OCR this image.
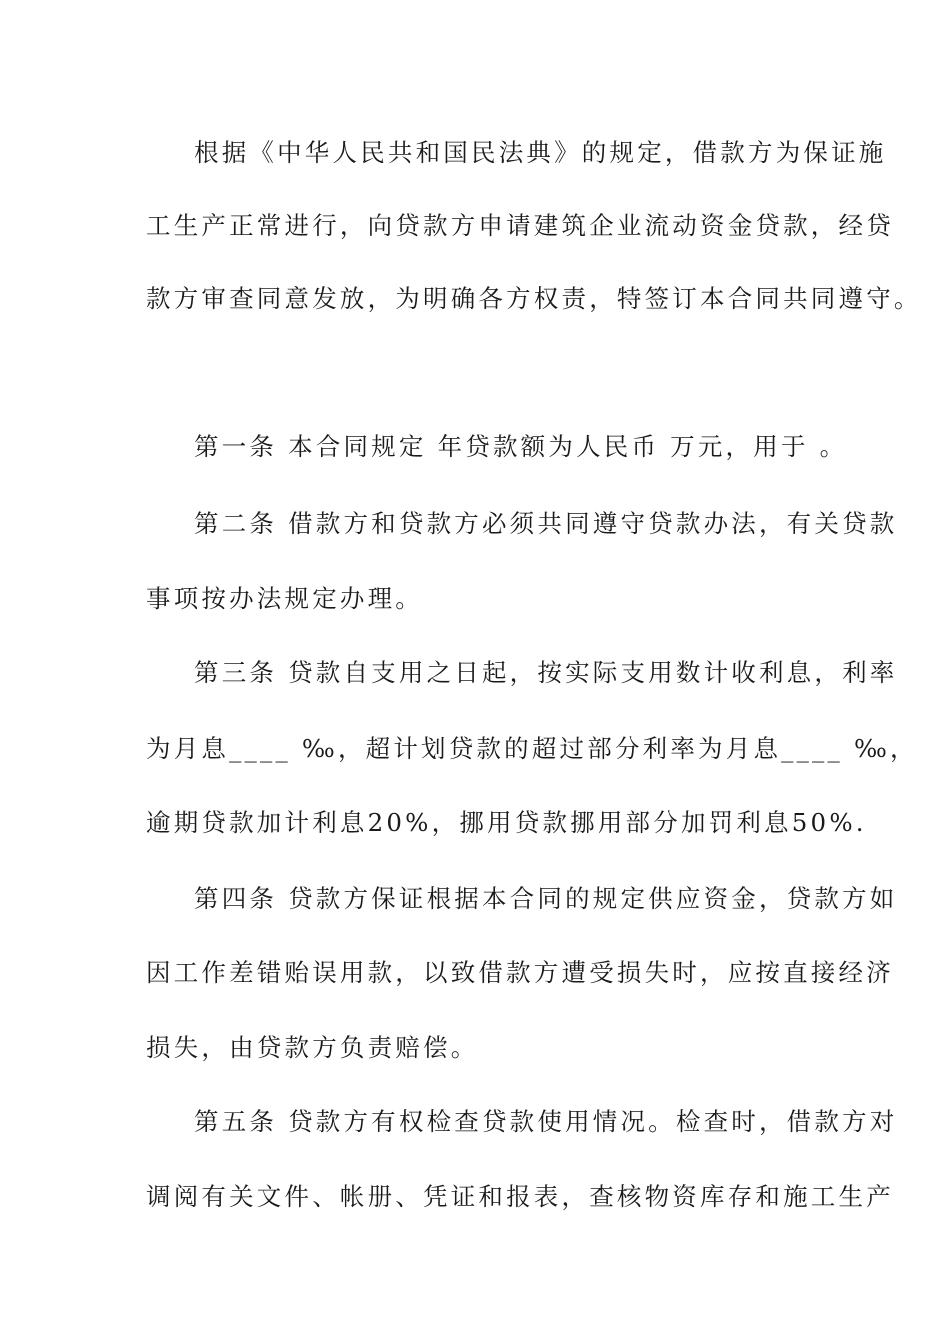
根据《中华人民共和国民法典》的规定，借款方为保证施
工生产正常进行，向贷款方申请建筑企业流动资金贷款，经贷
款方审查同意发放，为明确各方权责，特签订本合同共同遵守。
第一条 本合同规定 年贷款额为人民币 万元，用于 。
第二条 借款方和贷款方必须共同遵守贷款办法，有关贷款
事项按办法规定办理。
第三条 贷款自支用之日起，按实际支用数计收利息，利率
为月息____ ‰，超计划贷款的超过部分利率为月息____ ‰，
逾期贷款加计利息20%，挪用贷款挪用部分加罚利息50%.
第四条 贷款方保证根据本合同的规定供应资金，贷款方如
因工作差错贻误用款，以致借款方遭受损失时，应按直接经济
损失，由贷款方负责赔偿。
第五条 贷款方有权检查贷款使用情况。检查时，借款方对
调阅有关文件、帐册、凭证和报表，查核物资库存和施工生产
